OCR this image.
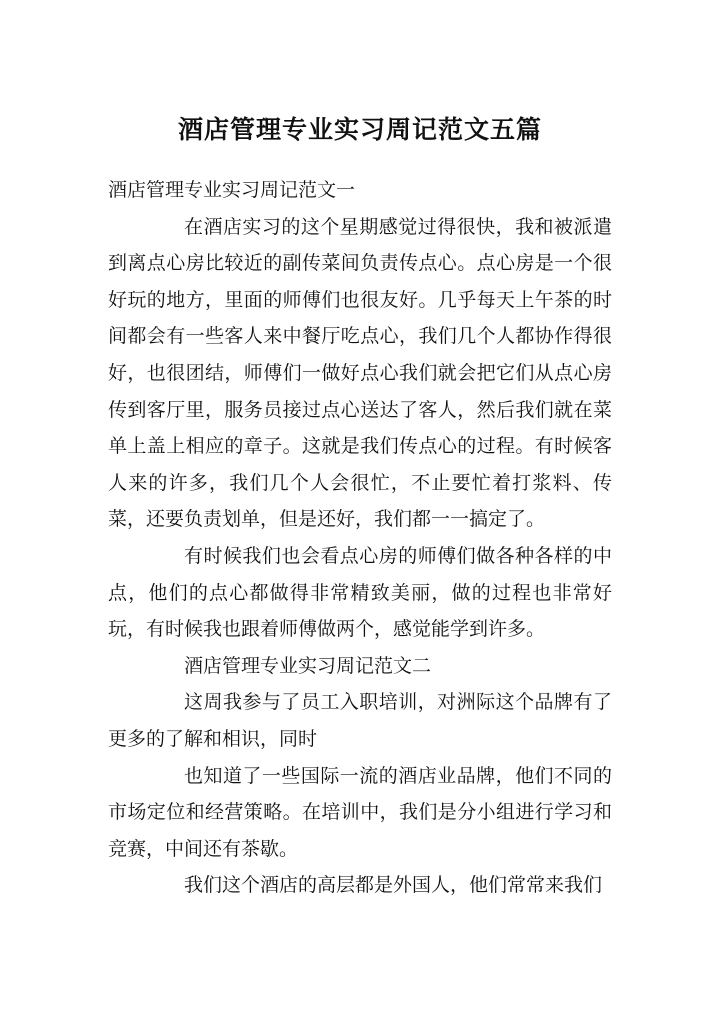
酒店管理专业实习周记范文五篇

酒店管理专业实习周记范文一

在酒店实习的这个星期感觉过得很快，我和被派遣到离点心房比较近的副传菜间负责传点心。点心房是一个很好玩的地方，里面的师傅们也很友好。几乎每天上午茶的时间都会有一些客人来中餐厅吃点心，我们几个人都协作得很好，也很团结，师傅们一做好点心我们就会把它们从点心房传到客厅里，服务员接过点心送达了客人，然后我们就在菜单上盖上相应的章子。这就是我们传点心的过程。有时候客人来的许多，我们几个人会很忙，不止要忙着打浆料、传菜，还要负责划单，但是还好，我们都一一搞定了。

有时候我们也会看点心房的师傅们做各种各样的中点，他们的点心都做得非常精致美丽，做的过程也非常好玩，有时候我也跟着师傅做两个，感觉能学到许多。

酒店管理专业实习周记范文二

这周我参与了员工入职培训，对洲际这个品牌有了更多的了解和相识，同时

也知道了一些国际一流的酒店业品牌，他们不同的市场定位和经营策略。在培训中，我们是分小组进行学习和竞赛，中间还有茶歇。

我们这个酒店的高层都是外国人，他们常常来我们
